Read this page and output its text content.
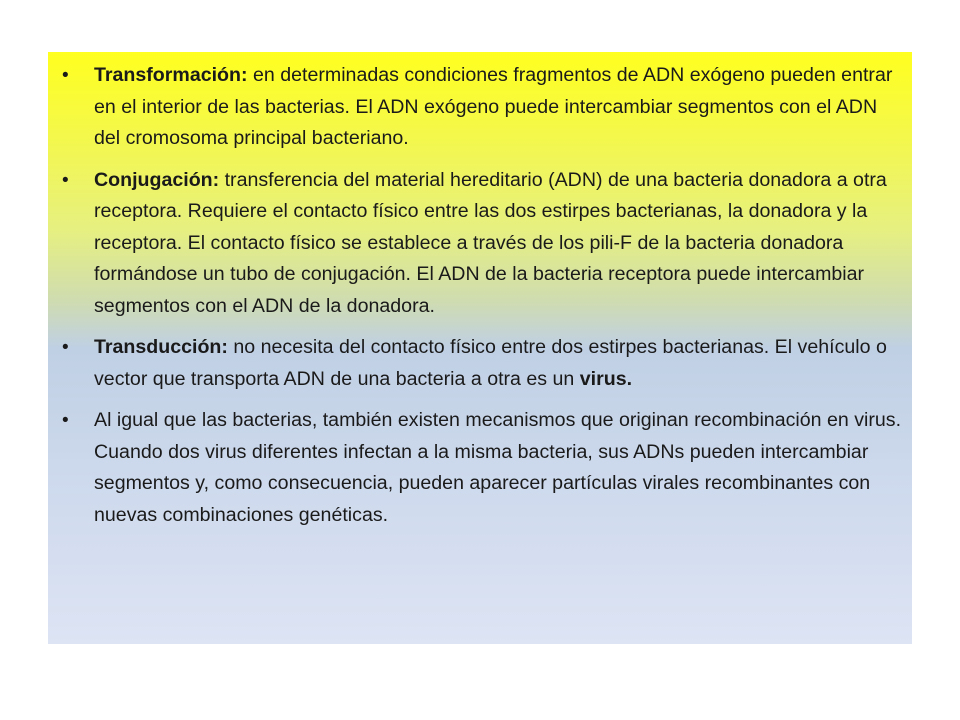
• Transformación: en determinadas condiciones fragmentos de ADN exógeno pueden entrar en el interior de las bacterias. El ADN exógeno puede intercambiar segmentos con el ADN del cromosoma principal bacteriano.
• Conjugación: transferencia del material hereditario (ADN) de una bacteria donadora a otra receptora. Requiere el contacto físico entre las dos estirpes bacterianas, la donadora y la receptora. El contacto físico se establece a través de los pili-F de la bacteria donadora formándose un tubo de conjugación. El ADN de la bacteria receptora puede intercambiar segmentos con el ADN de la donadora.
• Transducción: no necesita del contacto físico entre dos estirpes bacterianas. El vehículo o vector que transporta ADN de una bacteria a otra es un virus.
• Al igual que las bacterias, también existen mecanismos que originan recombinación en virus. Cuando dos virus diferentes infectan a la misma bacteria, sus ADNs pueden intercambiar segmentos y, como consecuencia, pueden aparecer partículas virales recombinantes con nuevas combinaciones genéticas.
